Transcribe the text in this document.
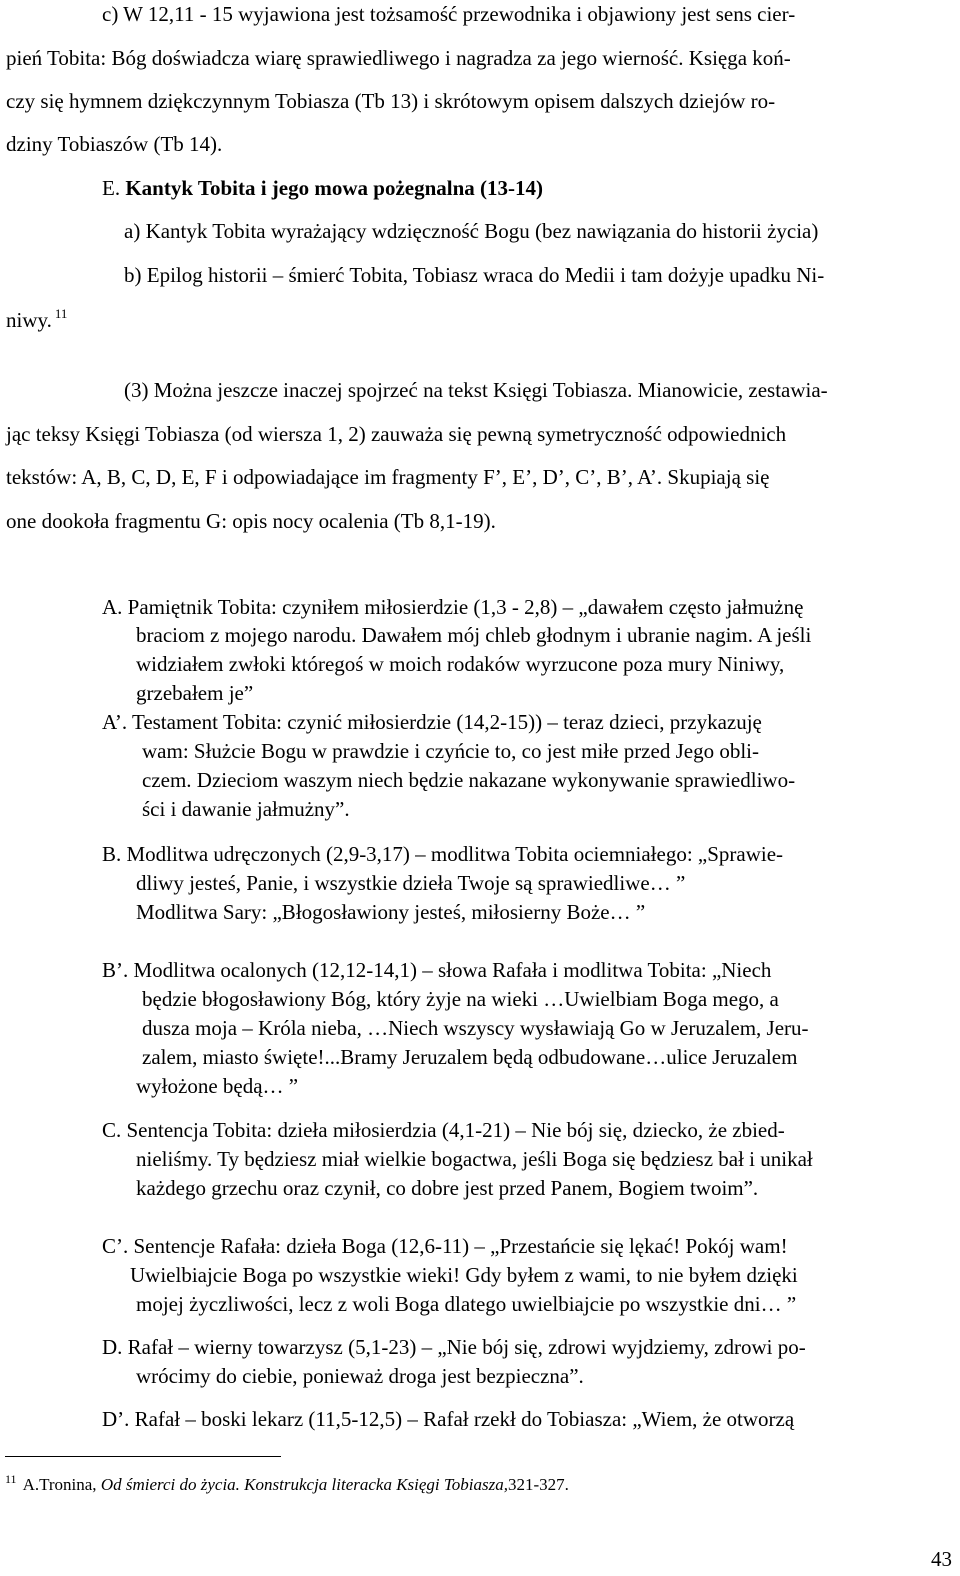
c) W 12,11 - 15 wyjawiona jest tożsamość przewodnika i objawiony jest sens cier-
pień Tobita: Bóg doświadcza wiarę sprawiedliwego i nagradza za jego wierność. Księga koń-
czy się hymnem dziękczynnym Tobiasza (Tb 13) i skrótowym opisem dalszych dziejów ro-
dziny Tobiaszów (Tb 14).
E. Kantyk Tobita i jego mowa pożegnalna (13-14)
a) Kantyk Tobita wyrażający wdzięczność Bogu (bez nawiązania do historii życia)
b) Epilog historii – śmierć Tobita, Tobiasz wraca do Medii i tam dożyje upadku Ni-
niwy. $^{11}$
(3) Można jeszcze inaczej spojrzeć na tekst Księgi Tobiasza. Mianowicie, zestawia-
jąc teksy Księgi Tobiasza (od wiersza 1, 2) zauważa się pewną symetryczność odpowiednich
tekstów: A, B, C, D, E, F i odpowiadające im fragmenty F’, E’, D’, C’, B’, A’. Skupiają się
one dookoła fragmentu G: opis nocy ocalenia (Tb 8,1-19).
A. Pamiętnik Tobita: czyniłem miłosierdzie (1,3 - 2,8) – „dawałem często jałmużnę
braciom z mojego narodu. Dawałem mój chleb głodnym i ubranie nagim. A jeśli
widziałem zwłoki któregoś w moich rodaków wyrzucone poza mury Niniwy,
grzebałem je”
A’. Testament Tobita: czynić miłosierdzie (14,2-15)) – teraz dzieci, przykazuję
wam: Służcie Bogu w prawdzie i czyńcie to, co jest miłe przed Jego obli-
czem. Dzieciom waszym niech będzie nakazane wykonywanie sprawiedliwo-
ści i dawanie jałmużny”.
B. Modlitwa udręczonych (2,9-3,17) – modlitwa Tobita ociemniałego: „Sprawie-
dliwy jesteś, Panie, i wszystkie dzieła Twoje są sprawiedliwe… ”
Modlitwa Sary: „Błogosławiony jesteś, miłosierny Boże… ”
B’. Modlitwa ocalonych (12,12-14,1) – słowa Rafała i modlitwa Tobita: „Niech
będzie błogosławiony Bóg, który żyje na wieki …Uwielbiam Boga mego, a
dusza moja – Króla nieba, …Niech wszyscy wysławiają Go w Jeruzalem, Jeru-
zalem, miasto święte!...Bramy Jeruzalem będą odbudowane…ulice Jeruzalem
wyłożone będą… ”
C. Sentencja Tobita: dzieła miłosierdzia (4,1-21) – Nie bój się, dziecko, że zbied-
nieliśmy. Ty będziesz miał wielkie bogactwa, jeśli Boga się będziesz bał i unikał
każdego grzechu oraz czynił, co dobre jest przed Panem, Bogiem twoim”.
C’. Sentencje Rafała: dzieła Boga (12,6-11) – „Przestańcie się lękać! Pokój wam!
Uwielbiajcie Boga po wszystkie wieki! Gdy byłem z wami, to nie byłem dzięki
mojej życzliwości, lecz z woli Boga dlatego uwielbiajcie po wszystkie dni… ”
D. Rafał – wierny towarzysz (5,1-23) – „Nie bój się, zdrowi wyjdziemy, zdrowi po-
wrócimy do ciebie, ponieważ droga jest bezpieczna”.
D’. Rafał – boski lekarz (11,5-12,5) – Rafał rzekł do Tobiasza: „Wiem, że otworzą
$^{11}$ A.Tronina, Od śmierci do życia. Konstrukcja literacka Księgi Tobiasza,321-327.
43
